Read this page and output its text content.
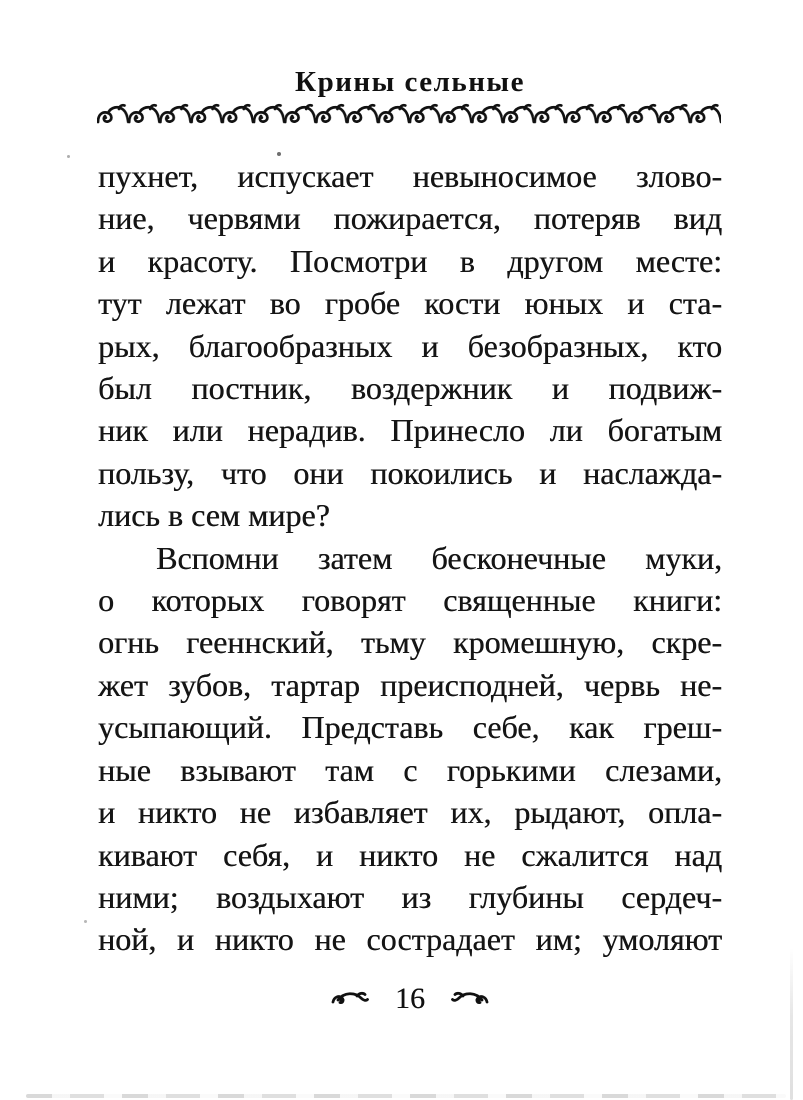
Крины сельные
пухнет, испускает невыносимое злово-
ние, червями пожирается, потеряв вид
и красоту. Посмотри в другом месте:
тут лежат во гробе кости юных и ста-
рых, благообразных и безобразных, кто
был постник, воздержник и подвиж-
ник или нерадив. Принесло ли богатым
пользу, что они покоились и наслажда-
лись в сем мире?
Вспомни затем бесконечные муки,
о которых говорят священные книги:
огнь гееннский, тьму кромешную, скре-
жет зубов, тартар преисподней, червь не-
усыпающий. Представь себе, как греш-
ные взывают там с горькими слезами,
и никто не избавляет их, рыдают, опла-
кивают себя, и никто не сжалится над
ними; воздыхают из глубины сердеч-
ной, и никто не сострадает им; умоляют
16
